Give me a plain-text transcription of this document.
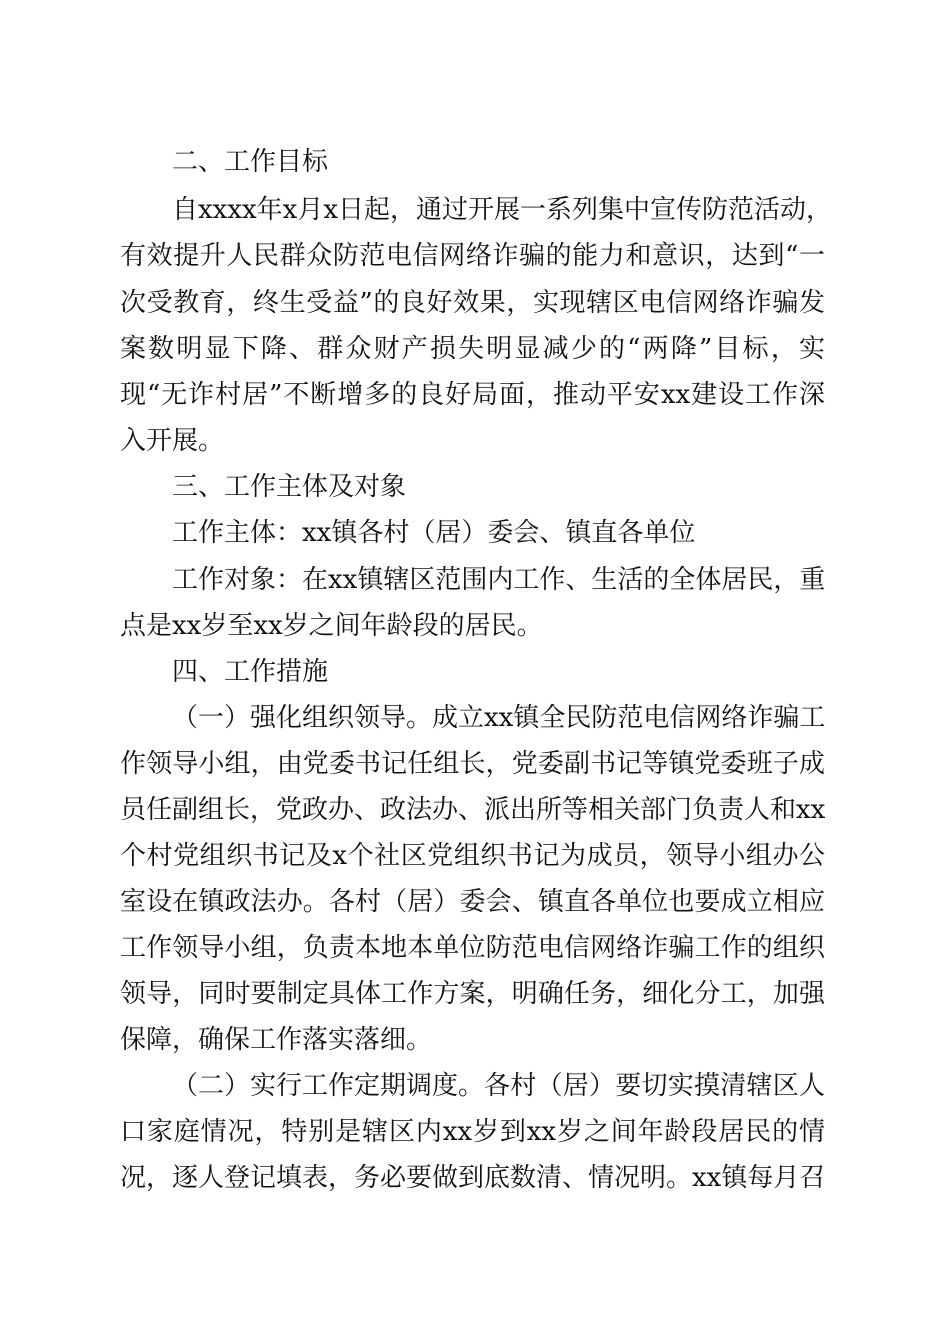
二、工作目标
自xxxx年x月x日起，通过开展一系列集中宣传防范活动，
有效提升人民群众防范电信网络诈骗的能力和意识，达到“一
次受教育，终生受益”的良好效果，实现辖区电信网络诈骗发
案数明显下降、群众财产损失明显减少的“两降”目标，实
现“无诈村居”不断增多的良好局面，推动平安xx建设工作深
入开展。
三、工作主体及对象
工作主体：xx镇各村（居）委会、镇直各单位
工作对象：在xx镇辖区范围内工作、生活的全体居民，重
点是xx岁至xx岁之间年龄段的居民。
四、工作措施
（一）强化组织领导。 成立xx镇全民防范电信网络诈骗工
作领导小组，由党委书记任组长，党委副书记等镇党委班子成
员任副组长，党政办、政法办、派出所等相关部门负责人和xx
个村党组织书记及x个社区党组织书记为成员，领导小组办公
室设在镇政法办。各村（居）委会、镇直各单位也要成立相应
工作领导小组，负责本地本单位防范电信网络诈骗工作的组织
领导，同时要制定具体工作方案，明确任务，细化分工，加强
保障，确保工作落实落细。
（二）实行工作定期调度。 各村（居）要切实摸清辖区人
口家庭情况，特别是辖区内xx岁到xx岁之间年龄段居民的情
况，逐人登记填表，务必要做到底数清、情况明。xx镇每月召
